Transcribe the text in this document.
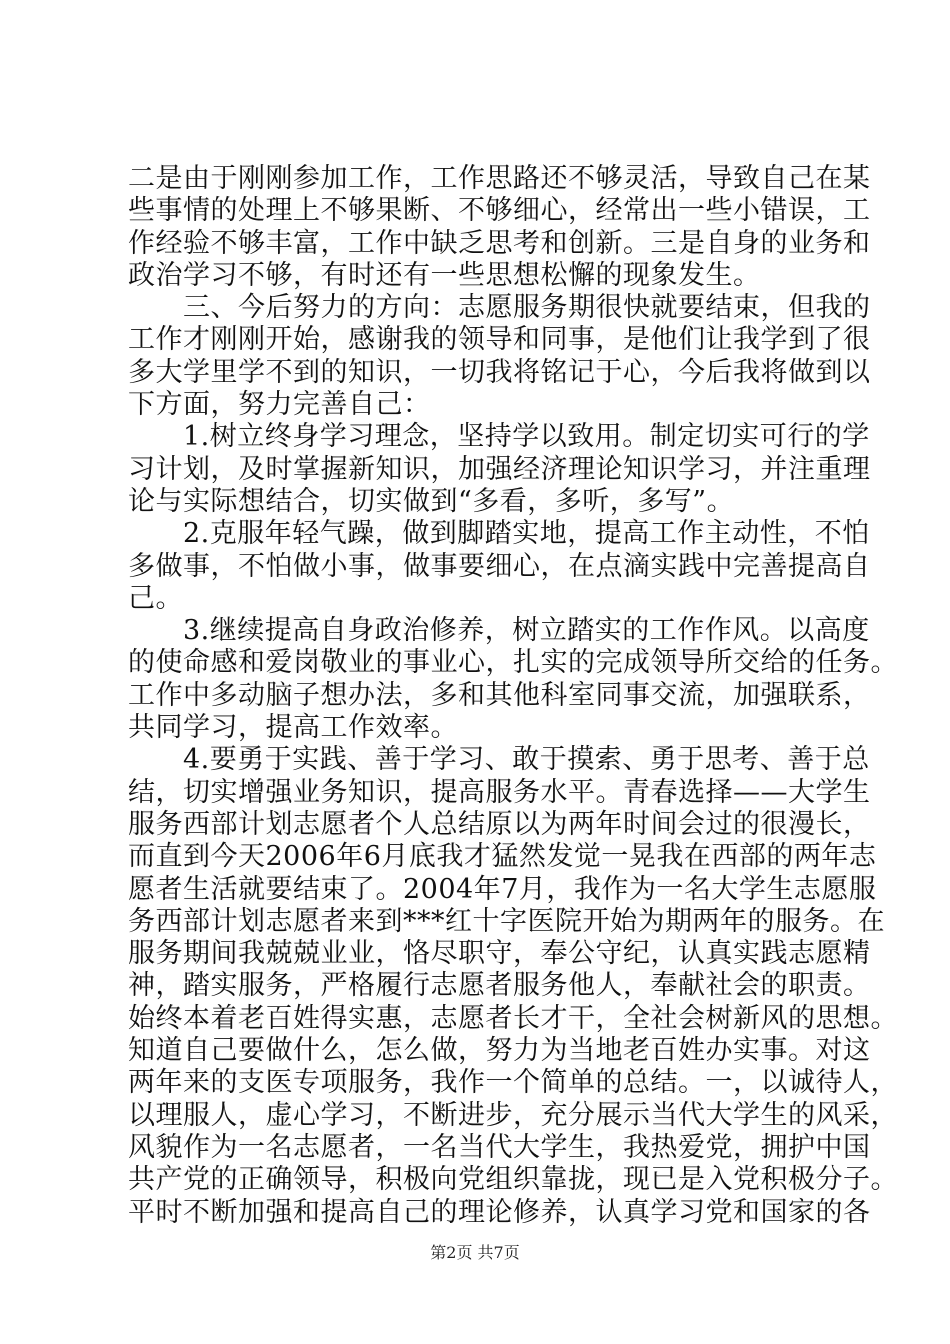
二是由于刚刚参加工作，工作思路还不够灵活，导致自己在某
些事情的处理上不够果断、不够细心，经常出一些小错误，工
作经验不够丰富，工作中缺乏思考和创新。三是自身的业务和
政治学习不够，有时还有一些思想松懈的现象发生。
　　三、今后努力的方向：志愿服务期很快就要结束，但我的
工作才刚刚开始，感谢我的领导和同事，是他们让我学到了很
多大学里学不到的知识，一切我将铭记于心，今后我将做到以
下方面，努力完善自己：
　　1.树立终身学习理念，坚持学以致用。制定切实可行的学
习计划，及时掌握新知识，加强经济理论知识学习，并注重理
论与实际想结合，切实做到“多看，多听，多写”。
　　2.克服年轻气躁，做到脚踏实地，提高工作主动性，不怕
多做事，不怕做小事，做事要细心，在点滴实践中完善提高自
己。
　　3.继续提高自身政治修养，树立踏实的工作作风。以高度
的使命感和爱岗敬业的事业心，扎实的完成领导所交给的任务。
工作中多动脑子想办法，多和其他科室同事交流，加强联系，
共同学习，提高工作效率。
　　4.要勇于实践、善于学习、敢于摸索、勇于思考、善于总
结，切实增强业务知识，提高服务水平。青春选择——大学生
服务西部计划志愿者个人总结原以为两年时间会过的很漫长，
而直到今天2006年6月底我才猛然发觉一晃我在西部的两年志
愿者生活就要结束了。2004年7月，我作为一名大学生志愿服
务西部计划志愿者来到***红十字医院开始为期两年的服务。在
服务期间我兢兢业业，恪尽职守，奉公守纪，认真实践志愿精
神，踏实服务，严格履行志愿者服务他人，奉献社会的职责。
始终本着老百姓得实惠，志愿者长才干，全社会树新风的思想。
知道自己要做什么，怎么做，努力为当地老百姓办实事。对这
两年来的支医专项服务，我作一个简单的总结。一，以诚待人，
以理服人，虚心学习，不断进步，充分展示当代大学生的风采，
风貌作为一名志愿者，一名当代大学生，我热爱党，拥护中国
共产党的正确领导，积极向党组织靠拢，现已是入党积极分子。
平时不断加强和提高自己的理论修养，认真学习党和国家的各
第2页 共7页
